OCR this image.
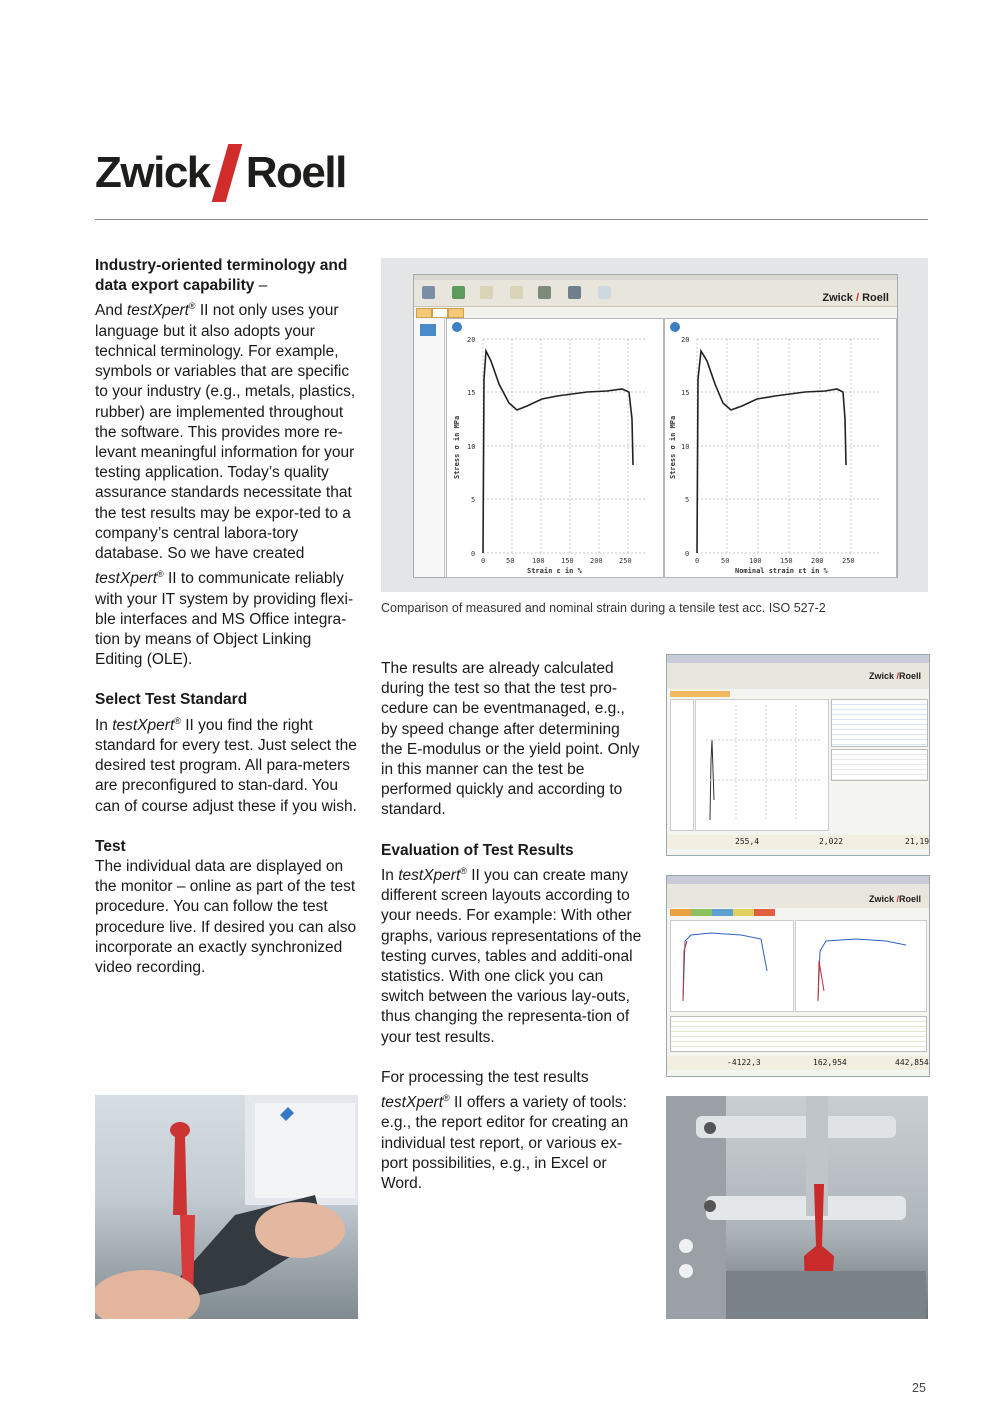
Zwick Roell

Industry-oriented terminology and data export capability –
And testXpert® II not only uses your language but it also adopts your technical terminology. For example, symbols or variables that are specific to your industry (e.g., metals, plastics, rubber) are implemented throughout the software. This provides more re-levant meaningful information for your testing application. Today’s quality assurance standards necessitate that the test results may be expor-ted to a company’s central labora-tory database. So we have created testXpert® II to communicate reliably with your IT system by providing flexi-ble interfaces and MS Office integra-tion by means of Object Linking Editing (OLE).

Select Test Standard

In testXpert® II you find the right standard for every test. Just select the desired test program. All para-meters are preconfigured to stan-dard. You can of course adjust these if you wish.

Test

The individual data are displayed on the monitor – online as part of the test procedure. You can follow the test procedure live. If desired you can also incorporate an exactly synchronized video recording.

Zwick / Roell
0	50	100 150 200 250
0
5
10
15
20
Strain ε in %
Stress σ in MPa
0	50	100	150	200	250
0
5
10
15
20
Nominal strain εt in %
Stress σ in MPa
Comparison of measured and nominal strain during a tensile test acc. ISO 527-2

The results are already calculated during the test so that the test pro-cedure can be eventmanaged, e.g., by speed change after determining the E-modulus or the yield point. Only in this manner can the test be performed quickly and according to standard.

Evaluation of Test Results

In testXpert® II you can create many different screen layouts according to your needs. For example: With other graphs, various representations of the testing curves, tables and additi-onal statistics. With one click you can switch between the various lay-outs, thus changing the representa-tion of your test results.

For processing the test results testXpert® II offers a variety of tools: e.g., the report editor for creating an individual test report, or various ex-port possibilities, e.g., in Excel or Word.

Zwick /Roell
255,4	2,022	21,19
Zwick /Roell
-4122,3	162,954	442,854
25
